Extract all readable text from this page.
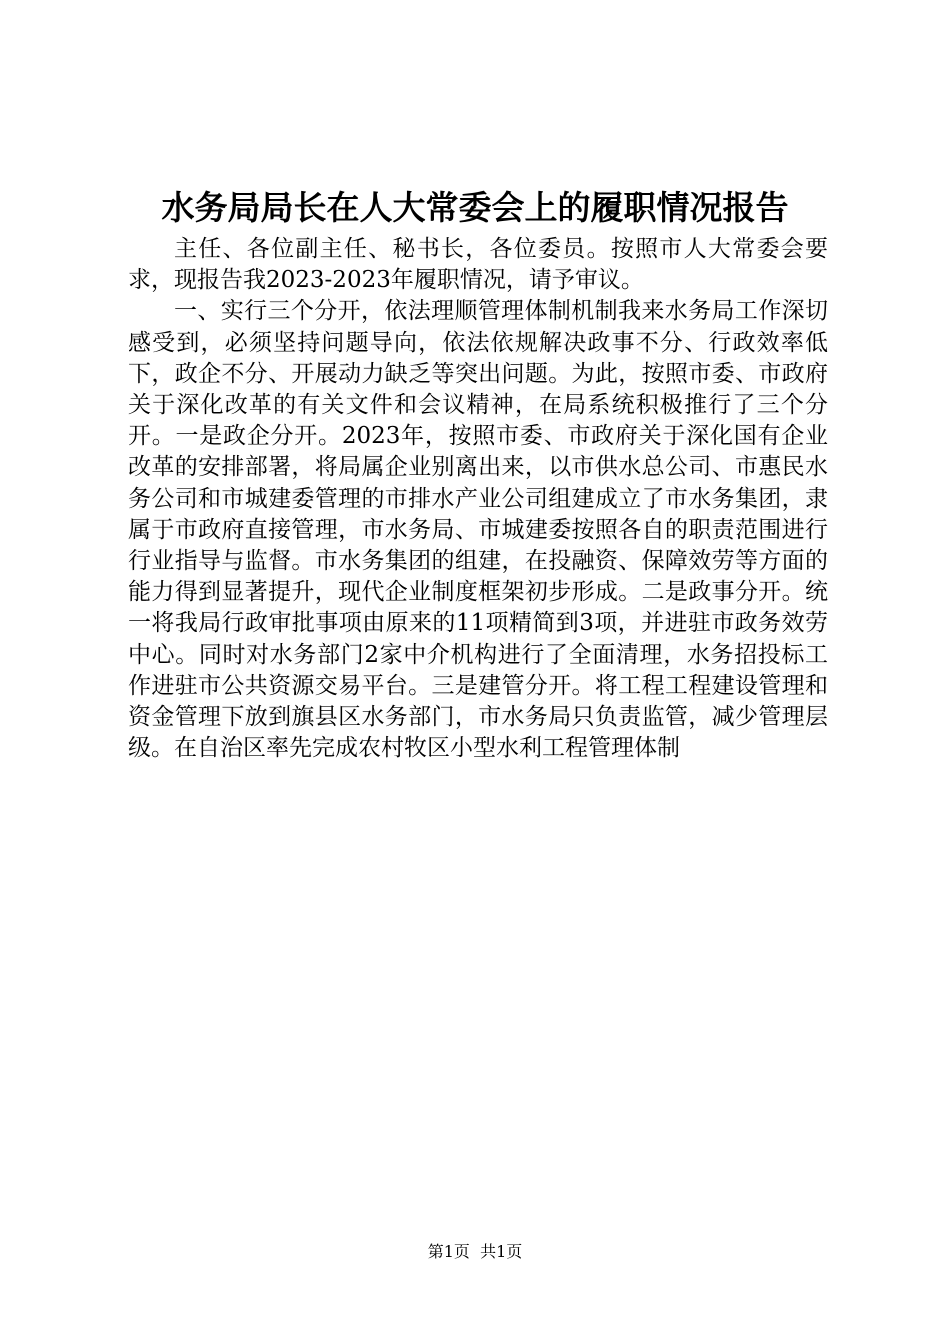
水务局局长在人大常委会上的履职情况报告

主任、各位副主任、秘书长，各位委员。按照市人大常委会要求，现报告我2023-2023年履职情况，请予审议。

一、实行三个分开，依法理顺管理体制机制我来水务局工作深切感受到，必须坚持问题导向，依法依规解决政事不分、行政效率低下，政企不分、开展动力缺乏等突出问题。为此，按照市委、市政府关于深化改革的有关文件和会议精神，在局系统积极推行了三个分开。一是政企分开。2023年，按照市委、市政府关于深化国有企业改革的安排部署，将局属企业别离出来，以市供水总公司、市惠民水务公司和市城建委管理的市排水产业公司组建成立了市水务集团，隶属于市政府直接管理，市水务局、市城建委按照各自的职责范围进行行业指导与监督。市水务集团的组建，在投融资、保障效劳等方面的能力得到显著提升，现代企业制度框架初步形成。二是政事分开。统一将我局行政审批事项由原来的11项精简到3项，并进驻市政务效劳中心。同时对水务部门2家中介机构进行了全面清理，水务招投标工作进驻市公共资源交易平台。三是建管分开。将工程工程建设管理和资金管理下放到旗县区水务部门，市水务局只负责监管，减少管理层级。在自治区率先完成农村牧区小型水利工程管理体制

第1页  共1页
